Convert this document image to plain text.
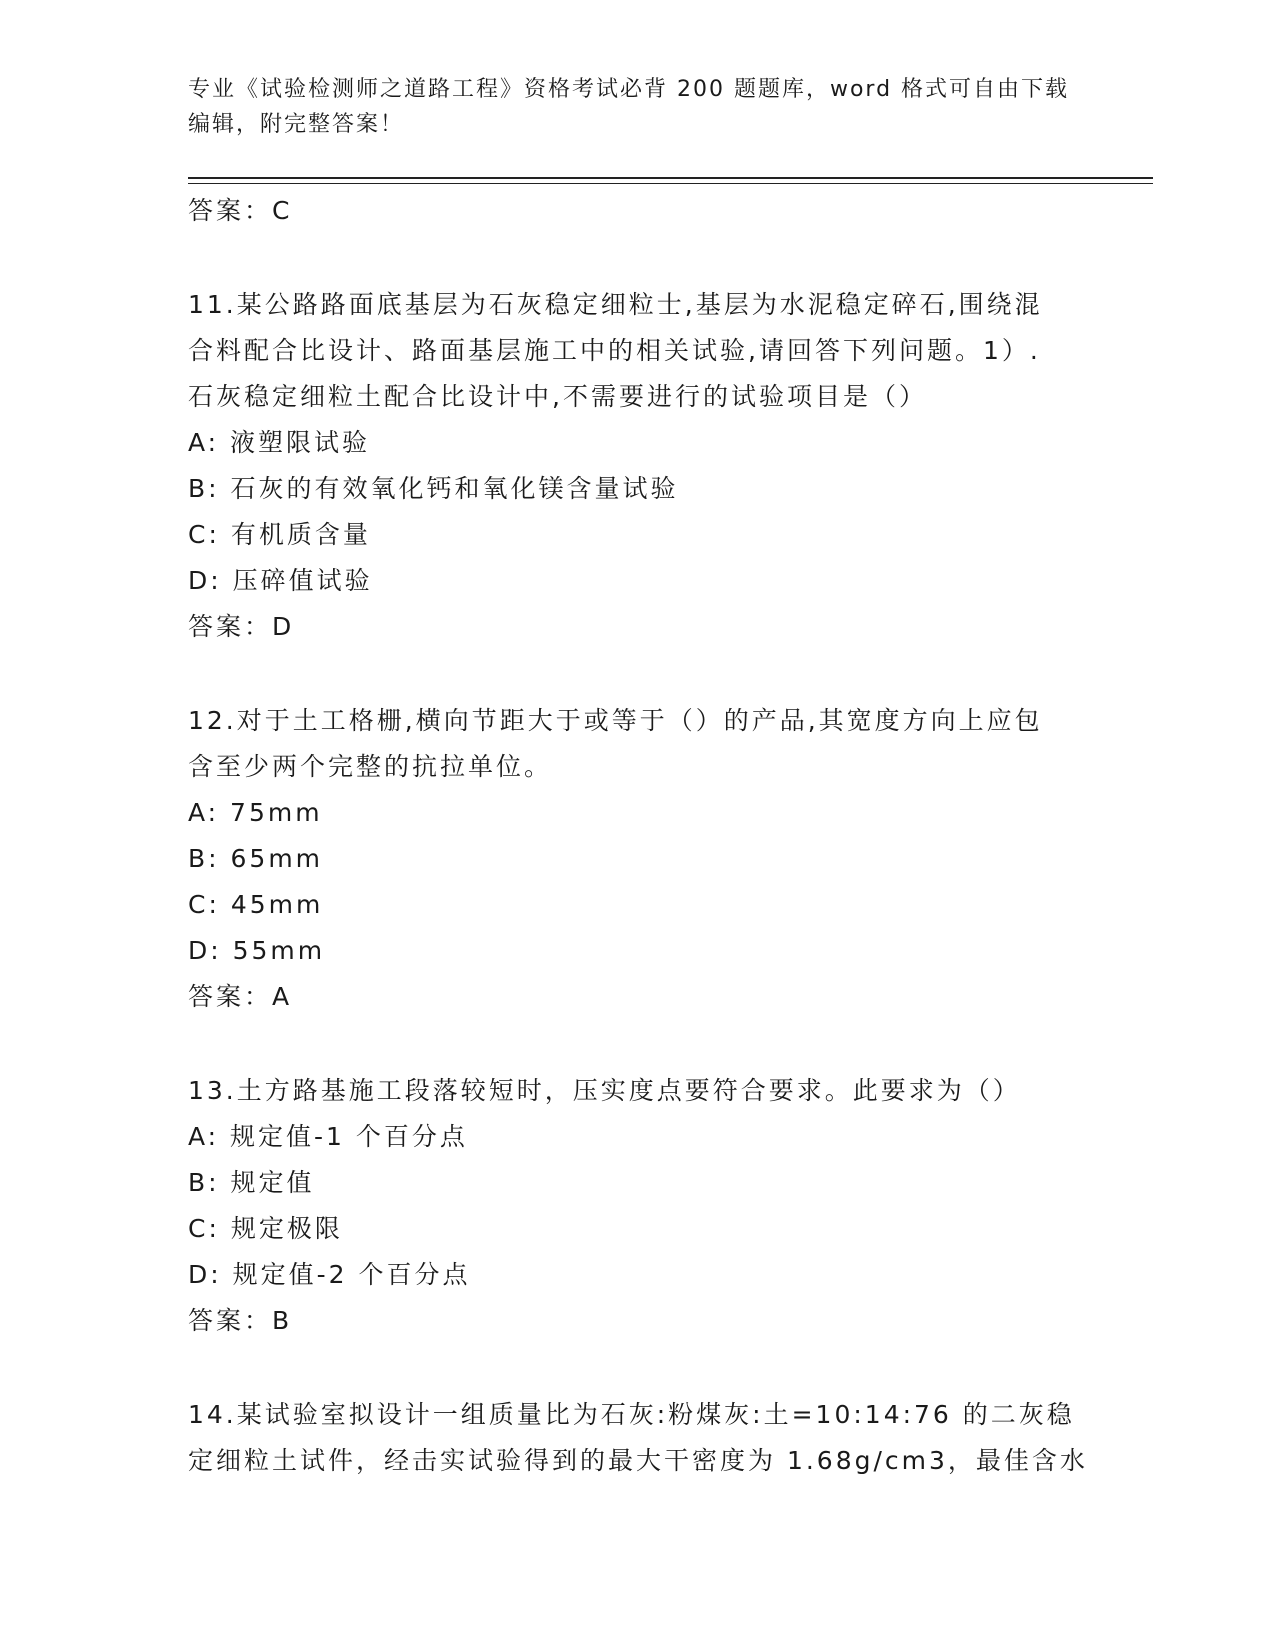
专业《试验检测师之道路工程》资格考试必背 200 题题库，word 格式可自由下载
编辑，附完整答案！
答案：C

11.某公路路面底基层为石灰稳定细粒士,基层为水泥稳定碎石,围绕混

合料配合比设计、路面基层施工中的相关试验,请回答下列问题。1）.

石灰稳定细粒土配合比设计中,不需要进行的试验项目是（）

A: 液塑限试验
B: 石灰的有效氧化钙和氧化镁含量试验
C: 有机质含量
D: 压碎值试验
答案：D

12.对于土工格栅,横向节距大于或等于（）的产品,其宽度方向上应包

含至少两个完整的抗拉单位。

A: 75mm
B: 65mm
C: 45mm
D: 55mm
答案：A

13.土方路基施工段落较短时，压实度点要符合要求。此要求为（）

A: 规定值-1 个百分点
B: 规定值
C: 规定极限
D: 规定值-2 个百分点
答案：B

14.某试验室拟设计一组质量比为石灰:粉煤灰:土=10:14:76 的二灰稳

定细粒土试件，经击实试验得到的最大干密度为 1.68g/cm3，最佳含水
